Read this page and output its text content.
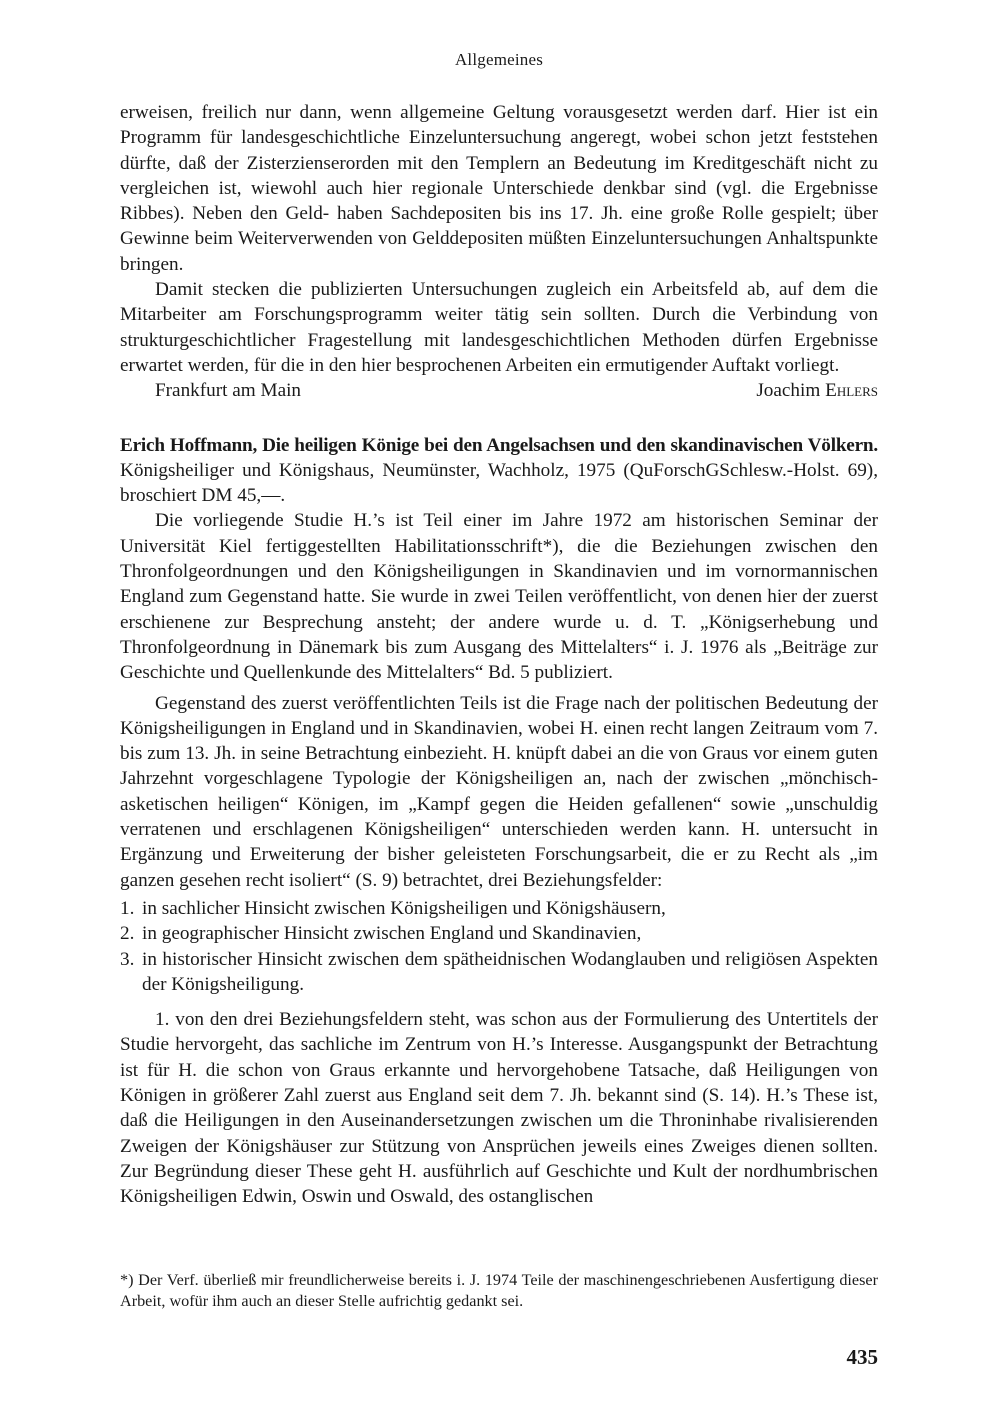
Allgemeines

erweisen, freilich nur dann, wenn allgemeine Geltung vorausgesetzt werden darf. Hier ist ein Programm für landesgeschichtliche Einzeluntersuchung angeregt, wobei schon jetzt feststehen dürfte, daß der Zisterzienserorden mit den Templern an Bedeutung im Kreditgeschäft nicht zu vergleichen ist, wiewohl auch hier regionale Unterschiede denkbar sind (vgl. die Ergebnisse Ribbes). Neben den Geld- haben Sachdepositen bis ins 17. Jh. eine große Rolle gespielt; über Gewinne beim Weiterverwenden von Gelddepositen müßten Einzeluntersuchungen Anhaltspunkte bringen.

Damit stecken die publizierten Untersuchungen zugleich ein Arbeitsfeld ab, auf dem die Mitarbeiter am Forschungsprogramm weiter tätig sein sollten. Durch die Verbindung von strukturgeschichtlicher Fragestellung mit landesgeschichtlichen Methoden dürfen Ergebnisse erwartet werden, für die in den hier besprochenen Arbeiten ein ermutigender Auftakt vorliegt.

Frankfurt am Main	Joachim Ehlers

Erich Hoffmann, Die heiligen Könige bei den Angelsachsen und den skandinavischen Völkern. Königsheiliger und Königshaus, Neumünster, Wachholz, 1975 (QuForschGSchlesw.-Holst. 69), broschiert DM 45,—.

Die vorliegende Studie H.’s ist Teil einer im Jahre 1972 am historischen Seminar der Universität Kiel fertiggestellten Habilitationsschrift*), die die Beziehungen zwischen den Thronfolgeordnungen und den Königsheiligungen in Skandinavien und im vornormannischen England zum Gegenstand hatte. Sie wurde in zwei Teilen veröffentlicht, von denen hier der zuerst erschienene zur Besprechung ansteht; der andere wurde u. d. T. „Königserhebung und Thronfolgeordnung in Dänemark bis zum Ausgang des Mittelalters“ i. J. 1976 als „Beiträge zur Geschichte und Quellenkunde des Mittelalters“ Bd. 5 publiziert.

Gegenstand des zuerst veröffentlichten Teils ist die Frage nach der politischen Bedeutung der Königsheiligungen in England und in Skandinavien, wobei H. einen recht langen Zeitraum vom 7. bis zum 13. Jh. in seine Betrachtung einbezieht. H. knüpft dabei an die von Graus vor einem guten Jahrzehnt vorgeschlagene Typologie der Königsheiligen an, nach der zwischen „mönchisch-asketischen heiligen“ Königen, im „Kampf gegen die Heiden gefallenen“ sowie „unschuldig verratenen und erschlagenen Königsheiligen“ unterschieden werden kann. H. untersucht in Ergänzung und Erweiterung der bisher geleisteten Forschungsarbeit, die er zu Recht als „im ganzen gesehen recht isoliert“ (S. 9) betrachtet, drei Beziehungsfelder:

1. in sachlicher Hinsicht zwischen Königsheiligen und Königshäusern,
2. in geographischer Hinsicht zwischen England und Skandinavien,
3. in historischer Hinsicht zwischen dem spätheidnischen Wodanglauben und religiösen Aspekten der Königsheiligung.

1. von den drei Beziehungsfeldern steht, was schon aus der Formulierung des Untertitels der Studie hervorgeht, das sachliche im Zentrum von H.’s Interesse. Ausgangspunkt der Betrachtung ist für H. die schon von Graus erkannte und hervorgehobene Tatsache, daß Heiligungen von Königen in größerer Zahl zuerst aus England seit dem 7. Jh. bekannt sind (S. 14). H.’s These ist, daß die Heiligungen in den Auseinandersetzungen zwischen um die Throninhabe rivalisierenden Zweigen der Königshäuser zur Stützung von Ansprüchen jeweils eines Zweiges dienen sollten. Zur Begründung dieser These geht H. ausführlich auf Geschichte und Kult der nordhumbrischen Königsheiligen Edwin, Oswin und Oswald, des ostanglischen

*) Der Verf. überließ mir freundlicherweise bereits i. J. 1974 Teile der maschinengeschriebenen Ausfertigung dieser Arbeit, wofür ihm auch an dieser Stelle aufrichtig gedankt sei.

435
